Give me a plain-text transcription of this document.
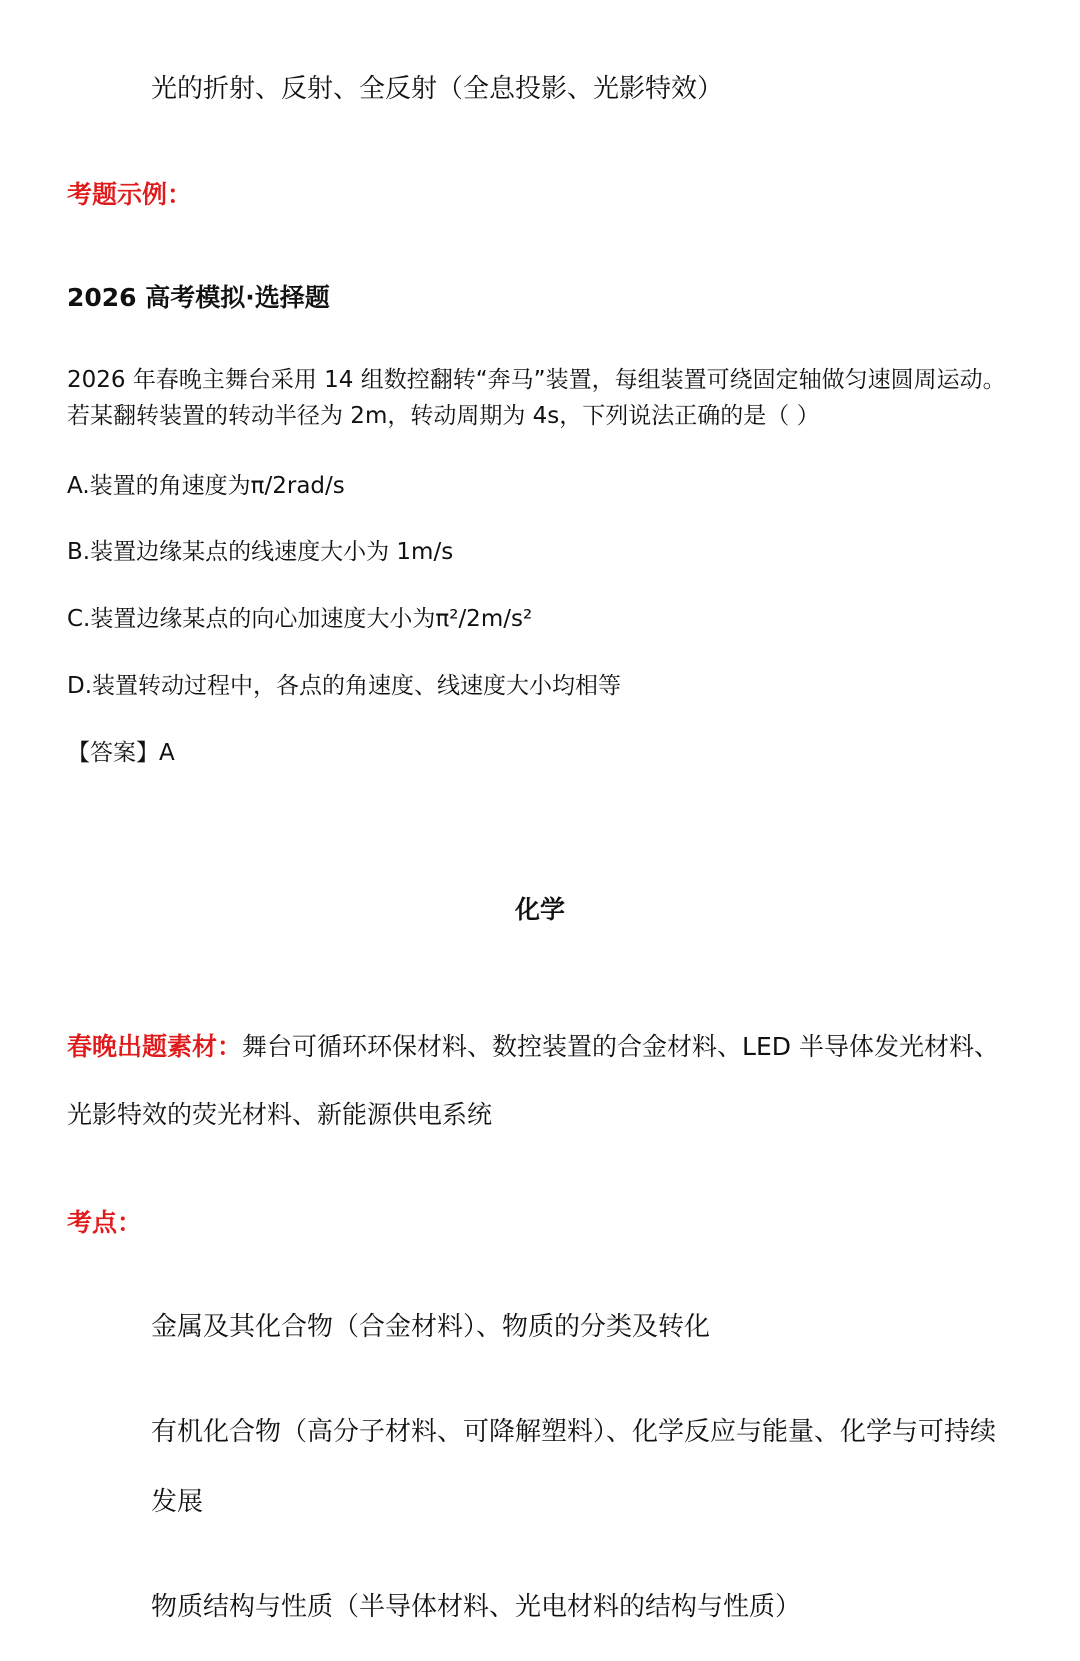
光的折射、反射、全反射（全息投影、光影特效）

考题示例：

2026 高考模拟·选择题

2026 年春晚主舞台采用 14 组数控翻转“奔马”装置，每组装置可绕固定轴做匀速圆周运动。若某翻转装置的转动半径为 2m，转动周期为 4s，下列说法正确的是（ ）

A.装置的角速度为π/2rad/s

B.装置边缘某点的线速度大小为 1m/s

C.装置边缘某点的向心加速度大小为π²/2m/s²

D.装置转动过程中，各点的角速度、线速度大小均相等

【答案】A

化学

春晚出题素材：舞台可循环环保材料、数控装置的合金材料、LED 半导体发光材料、光影特效的荧光材料、新能源供电系统

考点：

金属及其化合物（合金材料）、物质的分类及转化

有机化合物（高分子材料、可降解塑料）、化学反应与能量、化学与可持续发展

物质结构与性质（半导体材料、光电材料的结构与性质）
